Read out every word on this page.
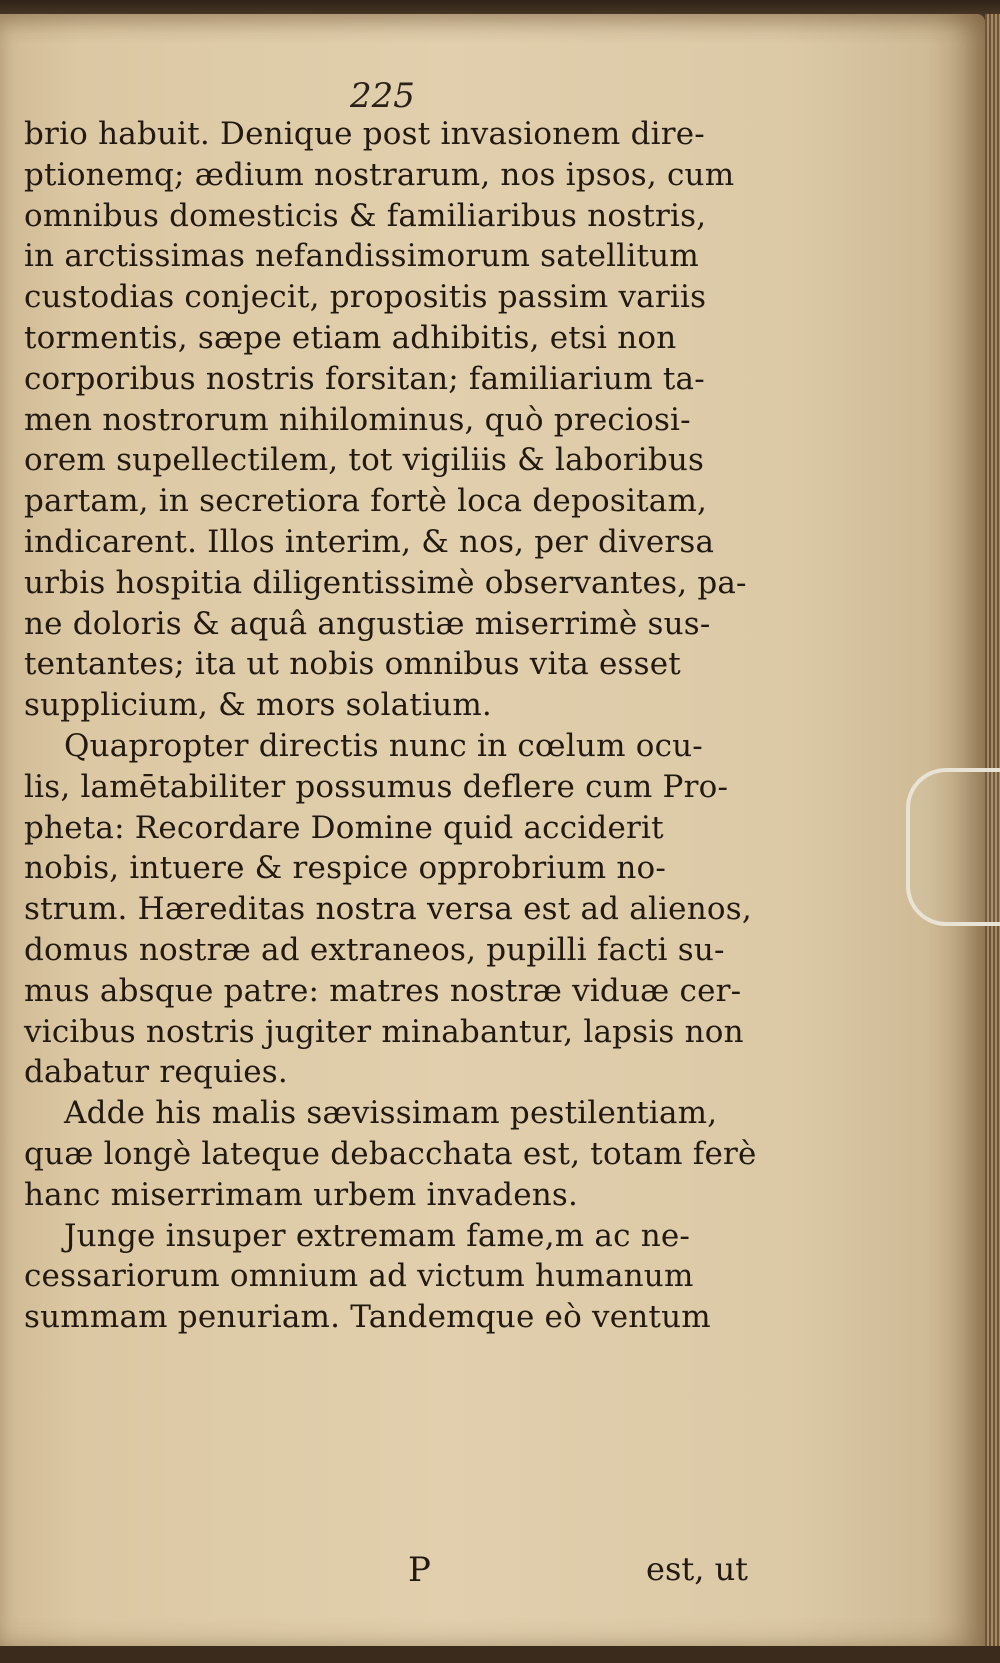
225

brio habuit. Denique post invasionem dire-
ptionemq; ædium nostrarum, nos ipsos, cum
omnibus domesticis & familiaribus nostris,
in arctissimas nefandissimorum satellitum
custodias conjecit, propositis passim variis
tormentis, sæpe etiam adhibitis, etsi non
corporibus nostris forsitan; familiarium ta-
men nostrorum nihilominus, quò preciosi-
orem supellectilem, tot vigiliis & laboribus
partam, in secretiora fortè loca depositam,
indicarent. Illos interim, & nos, per diversa
urbis hospitia diligentissimè observantes, pa-
ne doloris & aquâ angustiæ miserrimè sus-
tentantes; ita ut nobis omnibus vita esset
supplicium, & mors solatium.
Quapropter directis nunc in cœlum ocu-
lis, lamētabiliter possumus deflere cum Pro-
pheta: Recordare Domine quid acciderit
nobis, intuere & respice opprobrium no-
strum. Hæreditas nostra versa est ad alienos,
domus nostræ ad extraneos, pupilli facti su-
mus absque patre: matres nostræ viduæ cer-
vicibus nostris jugiter minabantur, lapsis non
dabatur requies.
Adde his malis sævissimam pestilentiam,
quæ longè lateque debacchata est, totam ferè
hanc miserrimam urbem invadens.
Junge insuper extremam fame,m ac ne-
cessariorum omnium ad victum humanum
summam penuriam. Tandemque eò ventum

P	est, ut
